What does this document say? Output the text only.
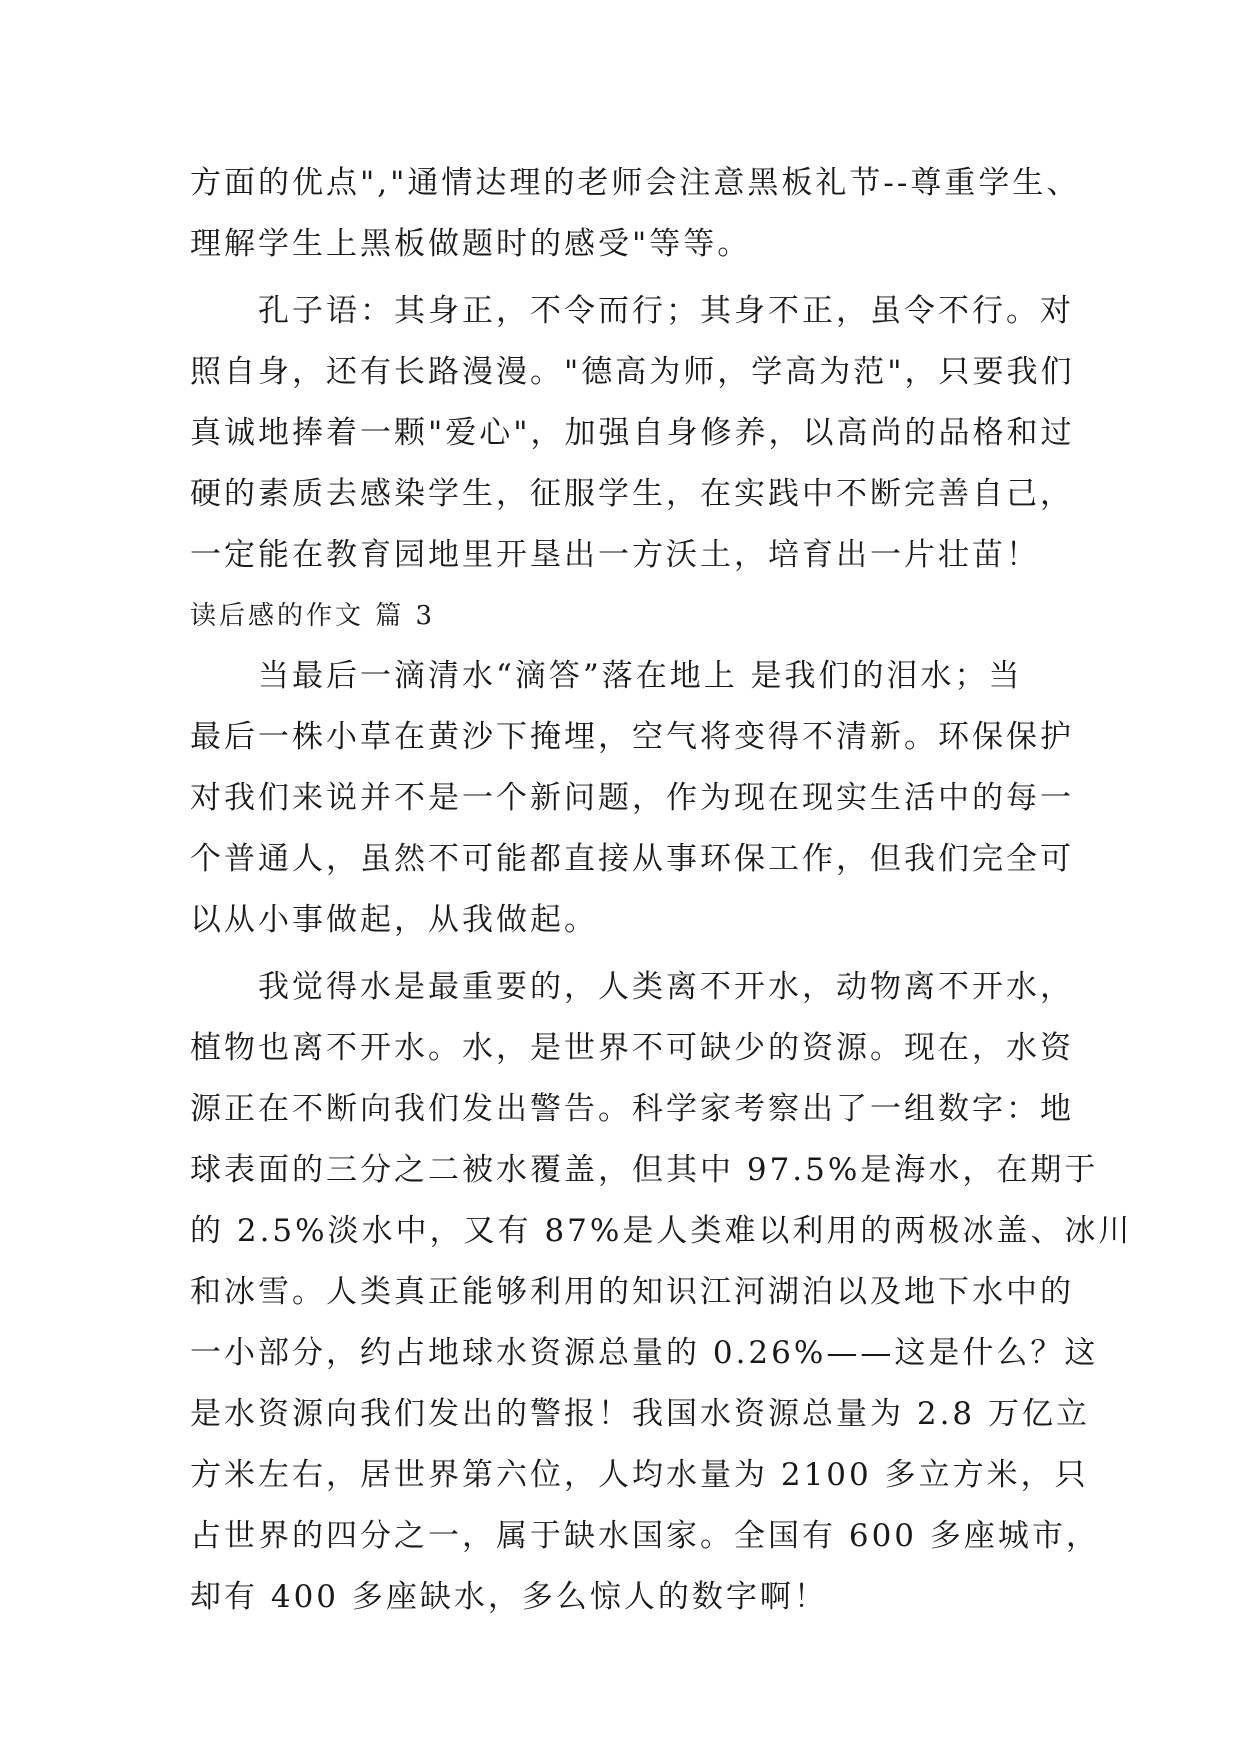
方面的优点","通情达理的老师会注意黑板礼节--尊重学生、
理解学生上黑板做题时的感受"等等。
孔子语：其身正，不令而行；其身不正，虽令不行。对
照自身，还有长路漫漫。"德高为师，学高为范"，只要我们
真诚地捧着一颗"爱心"，加强自身修养，以高尚的品格和过
硬的素质去感染学生，征服学生，在实践中不断完善自己，
一定能在教育园地里开垦出一方沃土，培育出一片壮苗！
读后感的作文 篇 3
当最后一滴清水“滴答”落在地上 是我们的泪水；当
最后一株小草在黄沙下掩埋，空气将变得不清新。环保保护
对我们来说并不是一个新问题，作为现在现实生活中的每一
个普通人，虽然不可能都直接从事环保工作，但我们完全可
以从小事做起，从我做起。
我觉得水是最重要的，人类离不开水，动物离不开水，
植物也离不开水。水，是世界不可缺少的资源。现在，水资
源正在不断向我们发出警告。科学家考察出了一组数字：地
球表面的三分之二被水覆盖，但其中 97.5%是海水，在期于
的 2.5%淡水中，又有 87%是人类难以利用的两极冰盖、冰川
和冰雪。人类真正能够利用的知识江河湖泊以及地下水中的
一小部分，约占地球水资源总量的 0.26%——这是什么？这
是水资源向我们发出的警报！我国水资源总量为 2.8 万亿立
方米左右，居世界第六位，人均水量为 2100 多立方米，只
占世界的四分之一，属于缺水国家。全国有 600 多座城市，
却有 400 多座缺水，多么惊人的数字啊！
